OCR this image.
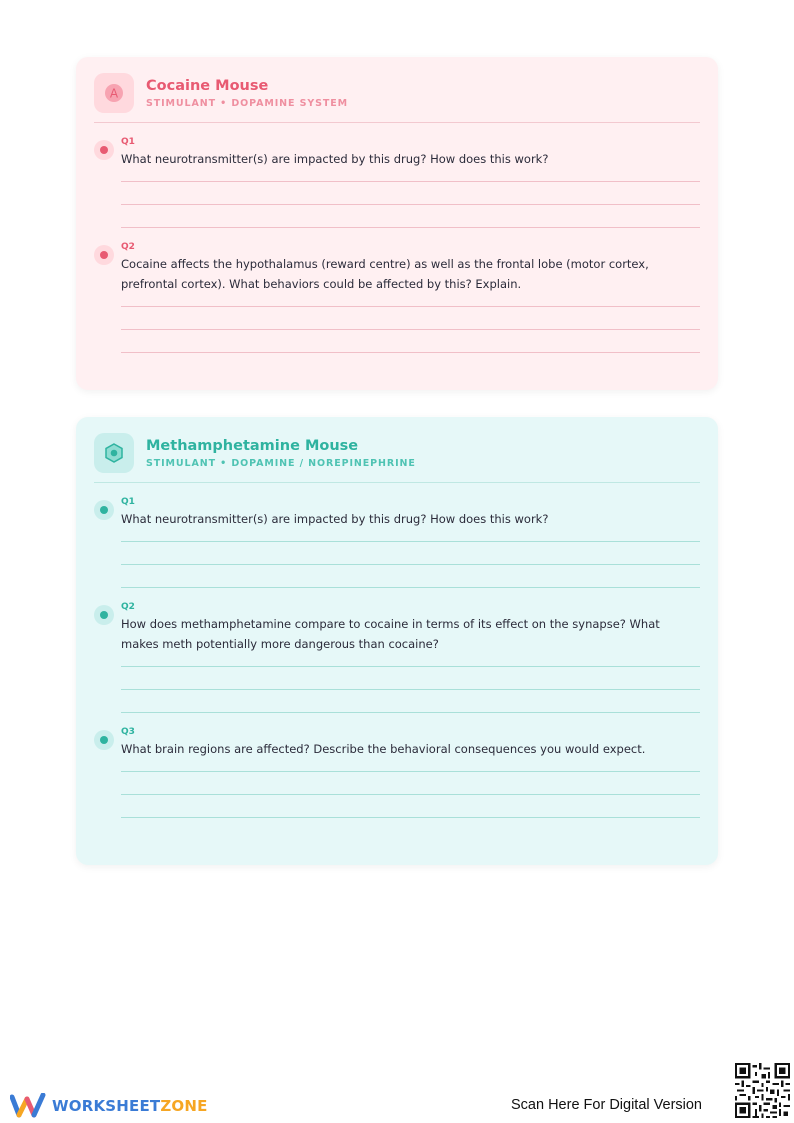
A Cocaine Mouse
STIMULANT • DOPAMINE SYSTEM
Q1
What neurotransmitter(s) are impacted by this drug? How does this work?
Q2
Cocaine affects the hypothalamus (reward centre) as well as the frontal lobe (motor cortex, prefrontal cortex). What behaviors could be affected by this? Explain.
Methamphetamine Mouse
STIMULANT • DOPAMINE / NOREPINEPHRINE
Q1
What neurotransmitter(s) are impacted by this drug? How does this work?
Q2
How does methamphetamine compare to cocaine in terms of its effect on the synapse? What makes meth potentially more dangerous than cocaine?
Q3
What brain regions are affected? Describe the behavioral consequences you would expect.
WORKSHEETZONE	Scan Here For Digital Version
